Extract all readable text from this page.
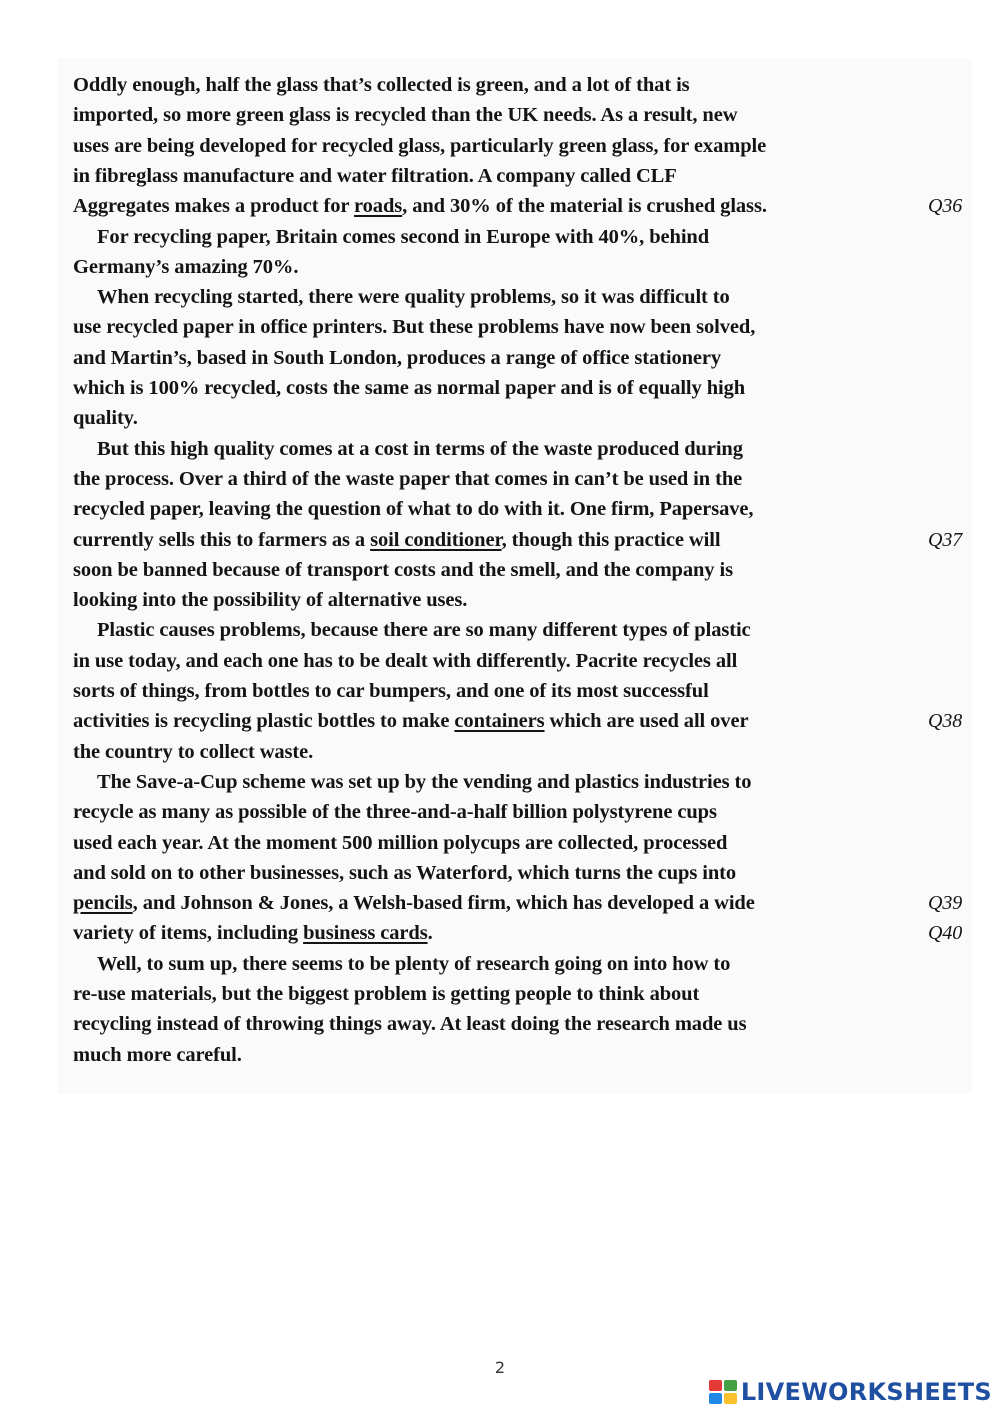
Oddly enough, half the glass that’s collected is green, and a lot of that is
imported, so more green glass is recycled than the UK needs. As a result, new
uses are being developed for recycled glass, particularly green glass, for example
in fibreglass manufacture and water filtration. A company called CLF
Aggregates makes a product for roads, and 30% of the material is crushed glass.	Q36
For recycling paper, Britain comes second in Europe with 40%, behind
Germany’s amazing 70%.
When recycling started, there were quality problems, so it was difficult to
use recycled paper in office printers. But these problems have now been solved,
and Martin’s, based in South London, produces a range of office stationery
which is 100% recycled, costs the same as normal paper and is of equally high
quality.
But this high quality comes at a cost in terms of the waste produced during
the process. Over a third of the waste paper that comes in can’t be used in the
recycled paper, leaving the question of what to do with it. One firm, Papersave,
currently sells this to farmers as a soil conditioner, though this practice will	Q37
soon be banned because of transport costs and the smell, and the company is
looking into the possibility of alternative uses.
Plastic causes problems, because there are so many different types of plastic
in use today, and each one has to be dealt with differently. Pacrite recycles all
sorts of things, from bottles to car bumpers, and one of its most successful
activities is recycling plastic bottles to make containers which are used all over	Q38
the country to collect waste.
The Save-a-Cup scheme was set up by the vending and plastics industries to
recycle as many as possible of the three-and-a-half billion polystyrene cups
used each year. At the moment 500 million polycups are collected, processed
and sold on to other businesses, such as Waterford, which turns the cups into
pencils, and Johnson & Jones, a Welsh-based firm, which has developed a wide	Q39
variety of items, including business cards.	Q40
Well, to sum up, there seems to be plenty of research going on into how to
re-use materials, but the biggest problem is getting people to think about
recycling instead of throwing things away. At least doing the research made us
much more careful.
2
LIVEWORKSHEETS
